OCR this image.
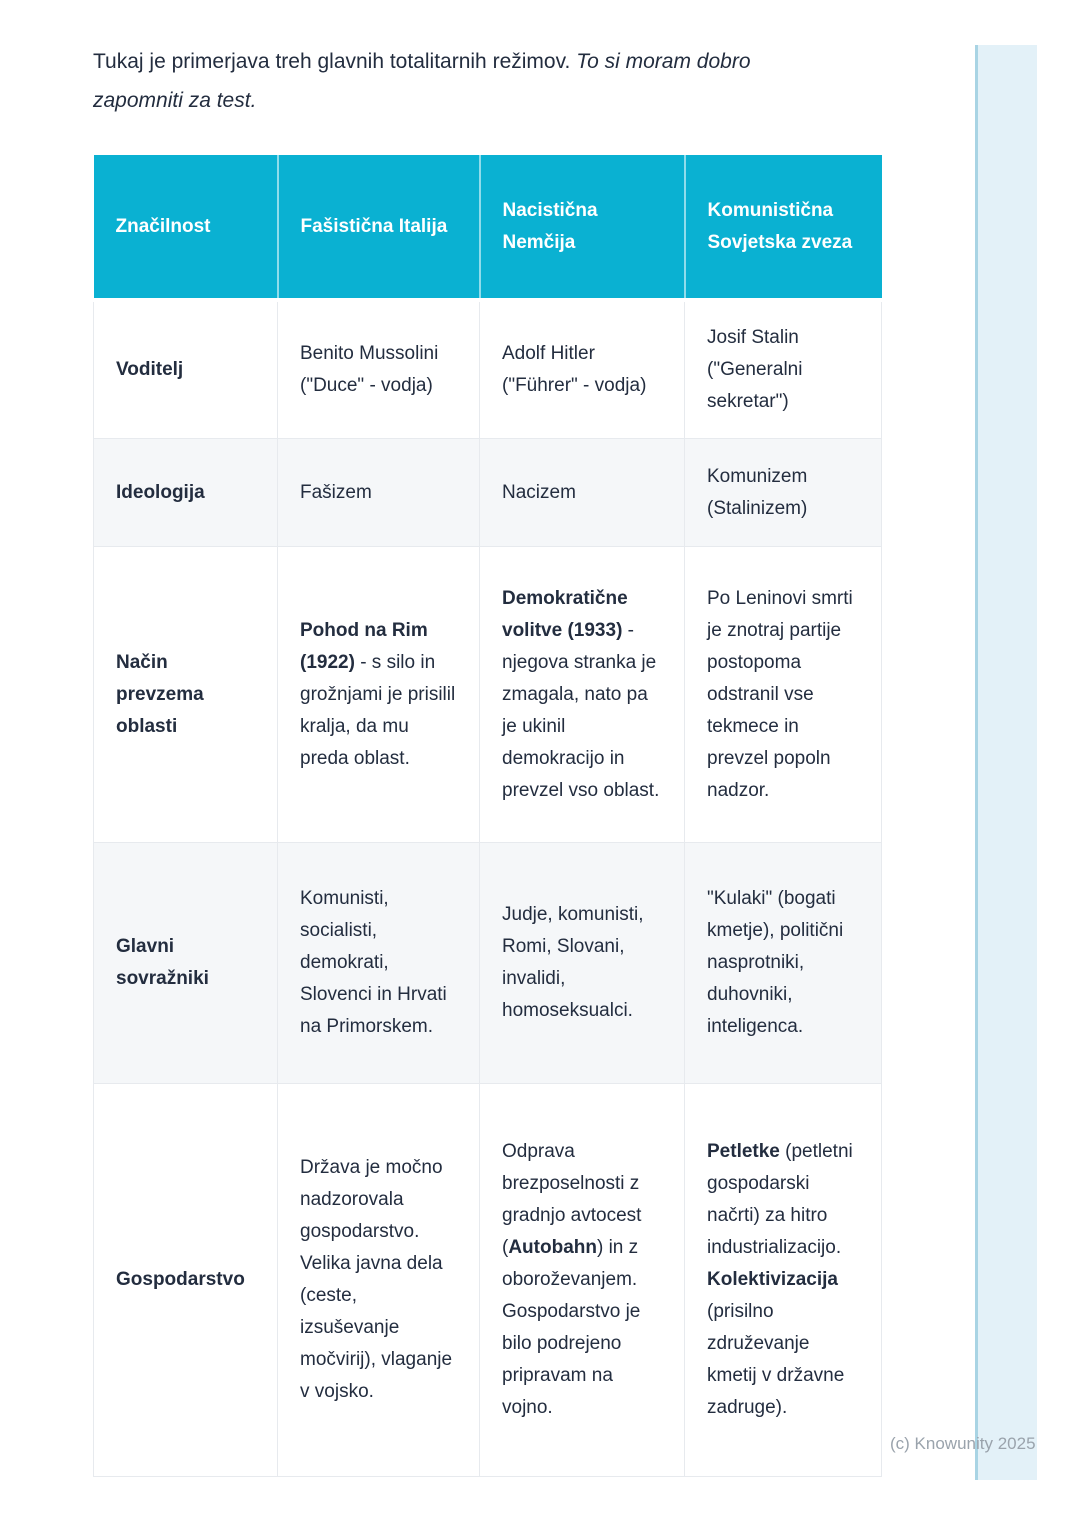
Tukaj je primerjava treh glavnih totalitarnih režimov. To si moram dobro zapomniti za test.

Značilnost	Fašistična Italija	Nacistična Nemčija	Komunistična Sovjetska zveza
Voditelj	Benito Mussolini ("Duce" - vodja)	Adolf Hitler ("Führer" - vodja)	Josif Stalin ("Generalni sekretar")
Ideologija	Fašizem	Nacizem	Komunizem (Stalinizem)
Način prevzema oblasti	Pohod na Rim (1922) - s silo in grožnjami je prisilil kralja, da mu preda oblast.	Demokratične volitve (1933) - njegova stranka je zmagala, nato pa je ukinil demokracijo in prevzel vso oblast.	Po Leninovi smrti je znotraj partije postopoma odstranil vse tekmece in prevzel popoln nadzor.
Glavni sovražniki	Komunisti, socialisti, demokrati, Slovenci in Hrvati na Primorskem.	Judje, komunisti, Romi, Slovani, invalidi, homoseksualci.	"Kulaki" (bogati kmetje), politični nasprotniki, duhovniki, inteligenca.
Gospodarstvo	Država je močno nadzorovala gospodarstvo. Velika javna dela (ceste, izsuševanje močvirij), vlaganje v vojsko.	Odprava brezposelnosti z gradnjo avtocest (Autobahn) in z oboroževanjem. Gospodarstvo je bilo podrejeno pripravam na vojno.	Petletke (petletni gospodarski načrti) za hitro industrializacijo. Kolektivizacija (prisilno združevanje kmetij v državne zadruge).
(c) Knowunity 2025
